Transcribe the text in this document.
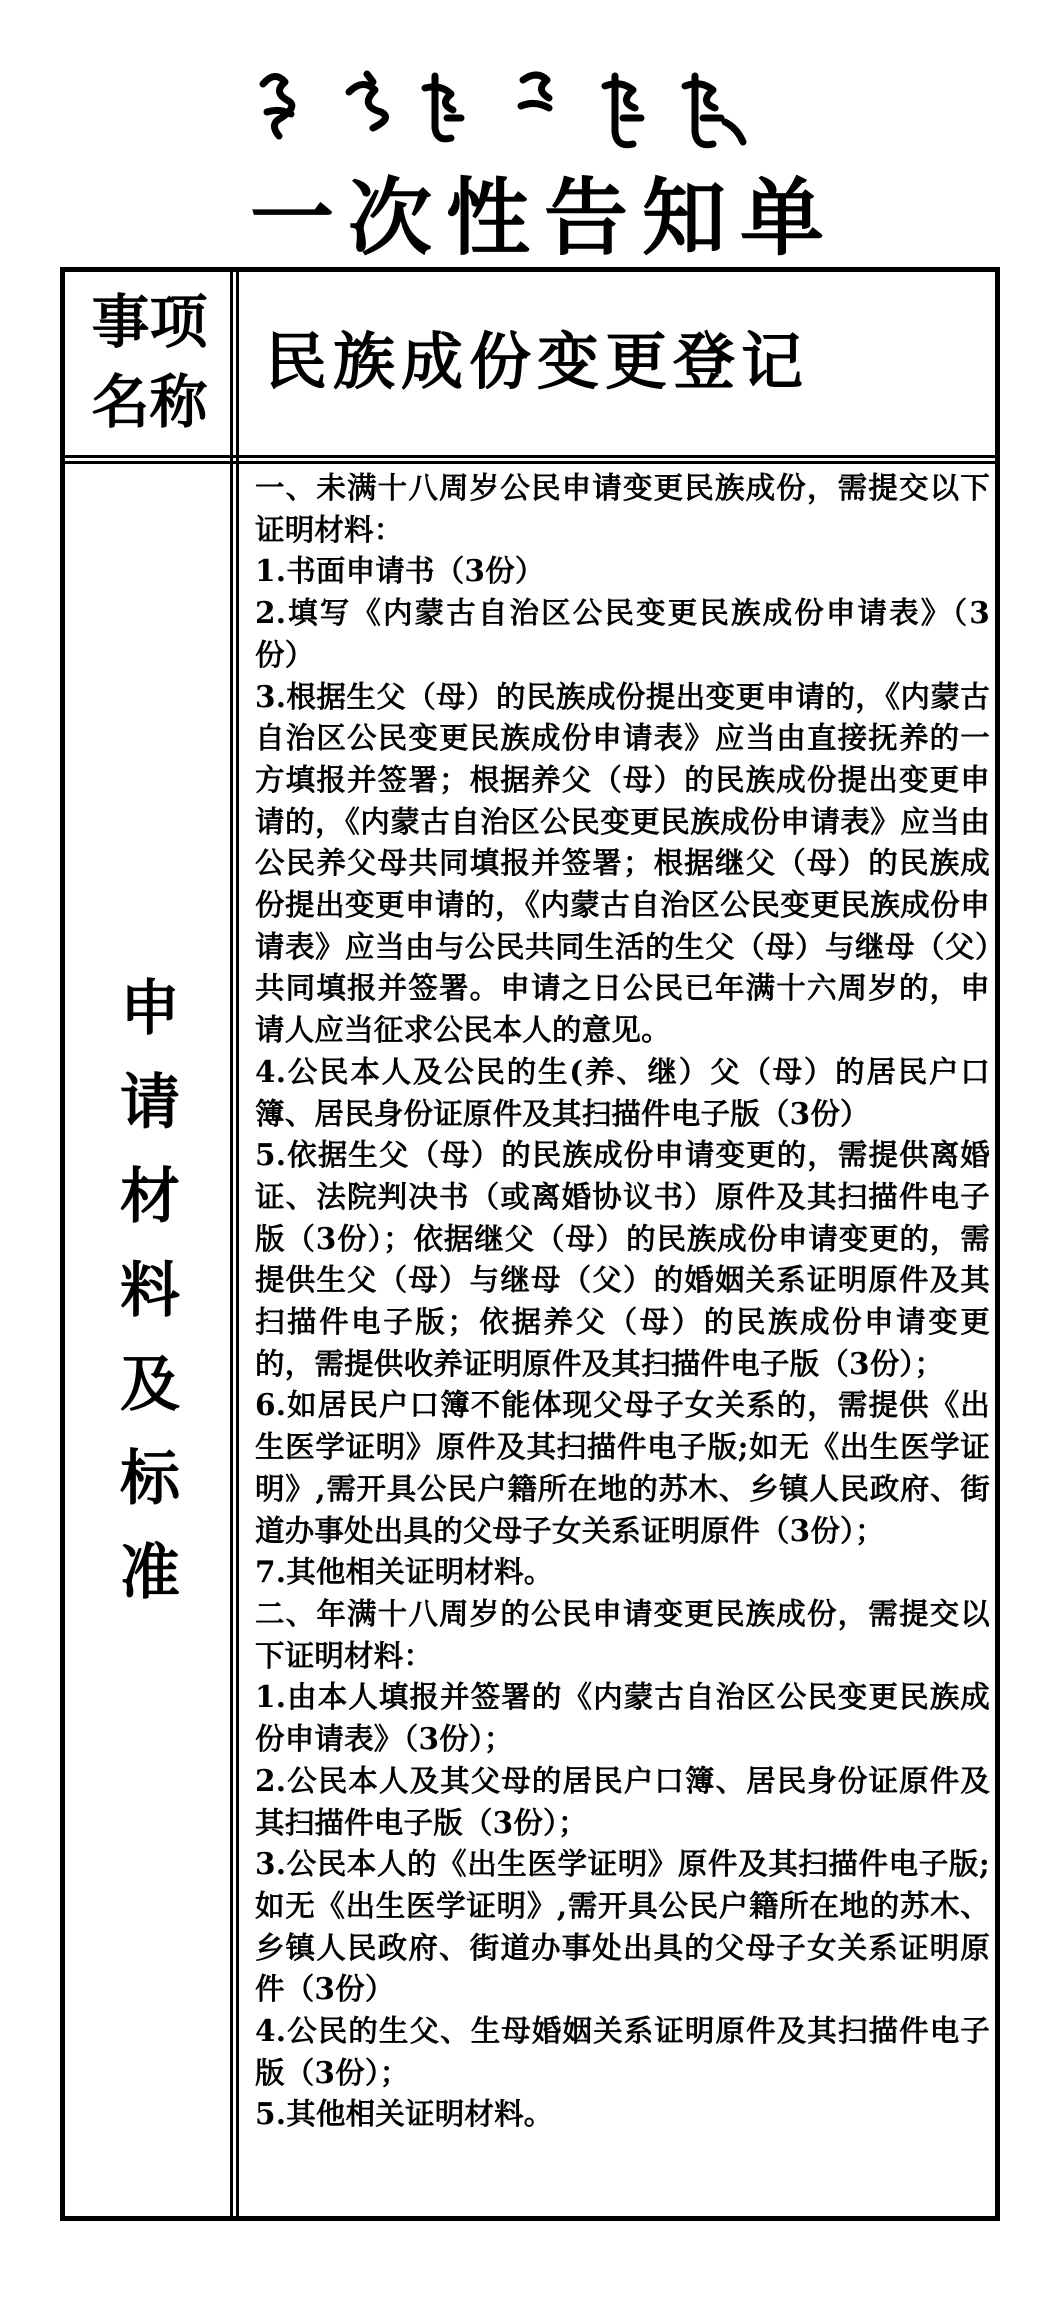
一次性告知单
事项
名称
民族成份变更登记
申
请
材
料
及
标
准
一、未满十八周岁公民申请变更民族成份，需提交以下证明材料：
1.书面申请书（3份）
2.填写《内蒙古自治区公民变更民族成份申请表》（3份）
3.根据生父（母）的民族成份提出变更申请的，《内蒙古自治区公民变更民族成份申请表》应当由直接抚养的一方填报并签署；根据养父（母）的民族成份提出变更申请的，《内蒙古自治区公民变更民族成份申请表》应当由公民养父母共同填报并签署；根据继父（母）的民族成份提出变更申请的，《内蒙古自治区公民变更民族成份申请表》应当由与公民共同生活的生父（母）与继母（父）共同填报并签署。申请之日公民已年满十六周岁的，申请人应当征求公民本人的意见。
4.公民本人及公民的生(养、继）父（母）的居民户口簿、居民身份证原件及其扫描件电子版（3份）
5.依据生父（母）的民族成份申请变更的，需提供离婚证、法院判决书（或离婚协议书）原件及其扫描件电子版（3份）；依据继父（母）的民族成份申请变更的，需提供生父（母）与继母（父）的婚姻关系证明原件及其扫描件电子版；依据养父（母）的民族成份申请变更的，需提供收养证明原件及其扫描件电子版（3份）；
6.如居民户口簿不能体现父母子女关系的，需提供《出生医学证明》原件及其扫描件电子版;如无《出生医学证明》,需开具公民户籍所在地的苏木、乡镇人民政府、街道办事处出具的父母子女关系证明原件（3份）；
7.其他相关证明材料。
二、年满十八周岁的公民申请变更民族成份，需提交以下证明材料：
1.由本人填报并签署的《内蒙古自治区公民变更民族成份申请表》（3份）；
2.公民本人及其父母的居民户口簿、居民身份证原件及其扫描件电子版（3份）；
3.公民本人的《出生医学证明》原件及其扫描件电子版;如无《出生医学证明》,需开具公民户籍所在地的苏木、乡镇人民政府、街道办事处出具的父母子女关系证明原件（3份）
4.公民的生父、生母婚姻关系证明原件及其扫描件电子版（3份）；
5.其他相关证明材料。
